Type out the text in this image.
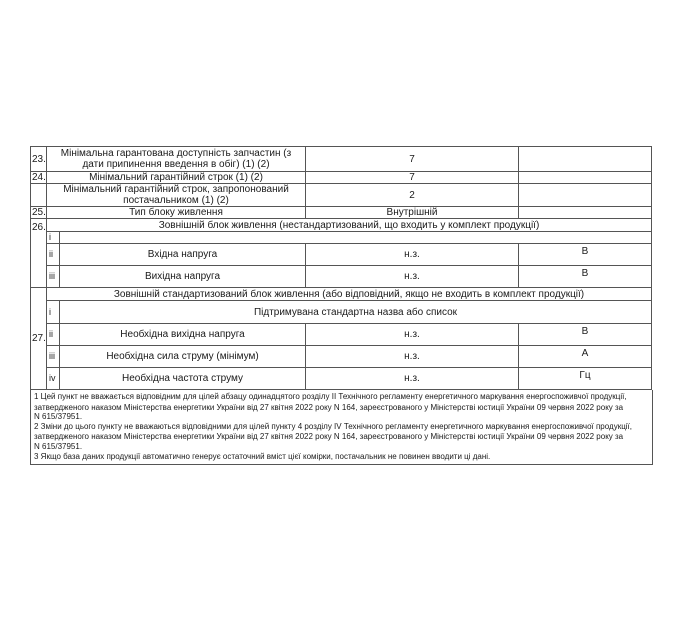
23.	Мінімальна гарантована доступність запчастин (з дати припинення введення в обіг) (1) (2)		7	
24.	Мінімальний гарантійний строк (1) (2)		7	
	Мінімальний гарантійний строк, запропонований постачальником (1) (2)		2	
25.	Тип блоку живлення		Внутрішній	
26.	Зовнішній блок живлення (нестандартизований, що входить у комплект продукції)			
	i			
	ii	Вхідна напруга	н.з.	В
	iii	Вихідна напруга	н.з.	В
27.	Зовнішній стандартизований блок живлення (або відповідний, якщо не входить в комплект продукції)			
	i	Підтримувана стандартна назва або список		
	ii	Необхідна вихідна напруга	н.з.	В
	iii	Необхідна сила струму (мінімум)	н.з.	А
	iv	Необхідна частота струму	н.з.	Гц

1 Цей пункт не вважається відповідним для цілей абзацу одинадцятого розділу II Технічного регламенту енергетичного маркування енергоспоживчої продукції,

затвердженого наказом Міністерства енергетики України від 27 квітня 2022 року N 164, зареєстрованого у Міністерстві юстиції України 09 червня 2022 року за

N 615/37951.

2 Зміни до цього пункту не вважаються відповідними для цілей пункту 4 розділу IV Технічного регламенту енергетичного маркування енергоспоживчої продукції,

затвердженого наказом Міністерства енергетики України від 27 квітня 2022 року N 164, зареєстрованого у Міністерстві юстиції України 09 червня 2022 року за

N 615/37951.

3 Якщо база даних продукції автоматично генерує остаточний вміст цієї комірки, постачальник не повинен вводити ці дані.
